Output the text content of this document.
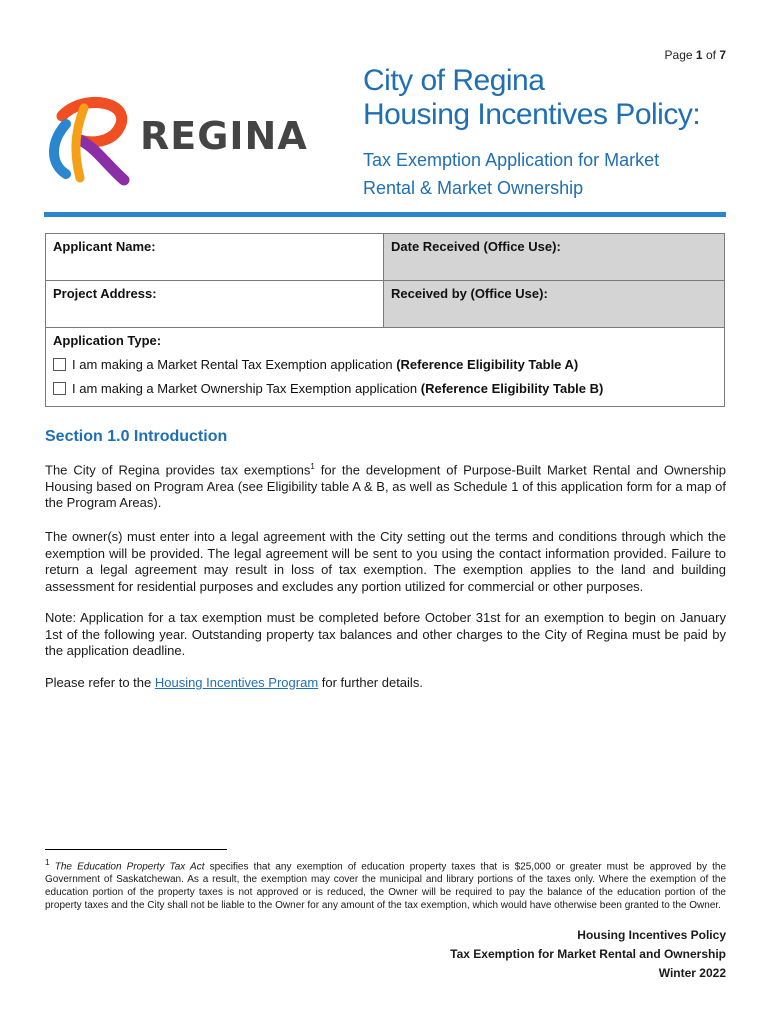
Page 1 of 7
REGINA
City of Regina
Housing Incentives Policy:
Tax Exemption Application for Market
Rental & Market Ownership
Applicant Name:	Date Received (Office Use):
Project Address:	Received by (Office Use):

Application Type:
I am making a Market Rental Tax Exemption application
(Reference Eligibility Table A)
I am making a Market Ownership Tax Exemption application
(Reference Eligibility Table B)	
Section 1.0 Introduction
The City of Regina provides tax exemptions$^1$ for the development of Purpose-Built Market Rental and Ownership Housing based on Program Area (see Eligibility table A & B, as well as Schedule 1 of this application form for a map of the Program Areas).
The owner(s) must enter into a legal agreement with the City setting out the terms and conditions through which the exemption will be provided. The legal agreement will be sent to you using the contact information provided. Failure to return a legal agreement may result in loss of tax exemption. The exemption applies to the land and building assessment for residential purposes and excludes any portion utilized for commercial or other purposes.
Note: Application for a tax exemption must be completed before October 31st for an exemption to begin on January 1st of the following year. Outstanding property tax balances and other charges to the City of Regina must be paid by the application deadline.
Please refer to the Housing Incentives Program for further details.
$^1$ The Education Property Tax Act specifies that any exemption of education property taxes that is $25,000 or greater must be approved by the Government of Saskatchewan. As a result, the exemption may cover the municipal and library portions of the taxes only. Where the exemption of the education portion of the property taxes is not approved or is reduced, the Owner will be required to pay the balance of the education portion of the property taxes and the City shall not be liable to the Owner for any amount of the tax exemption, which would have otherwise been granted to the Owner.
Housing Incentives Policy
Tax Exemption for Market Rental and Ownership
Winter 2022
